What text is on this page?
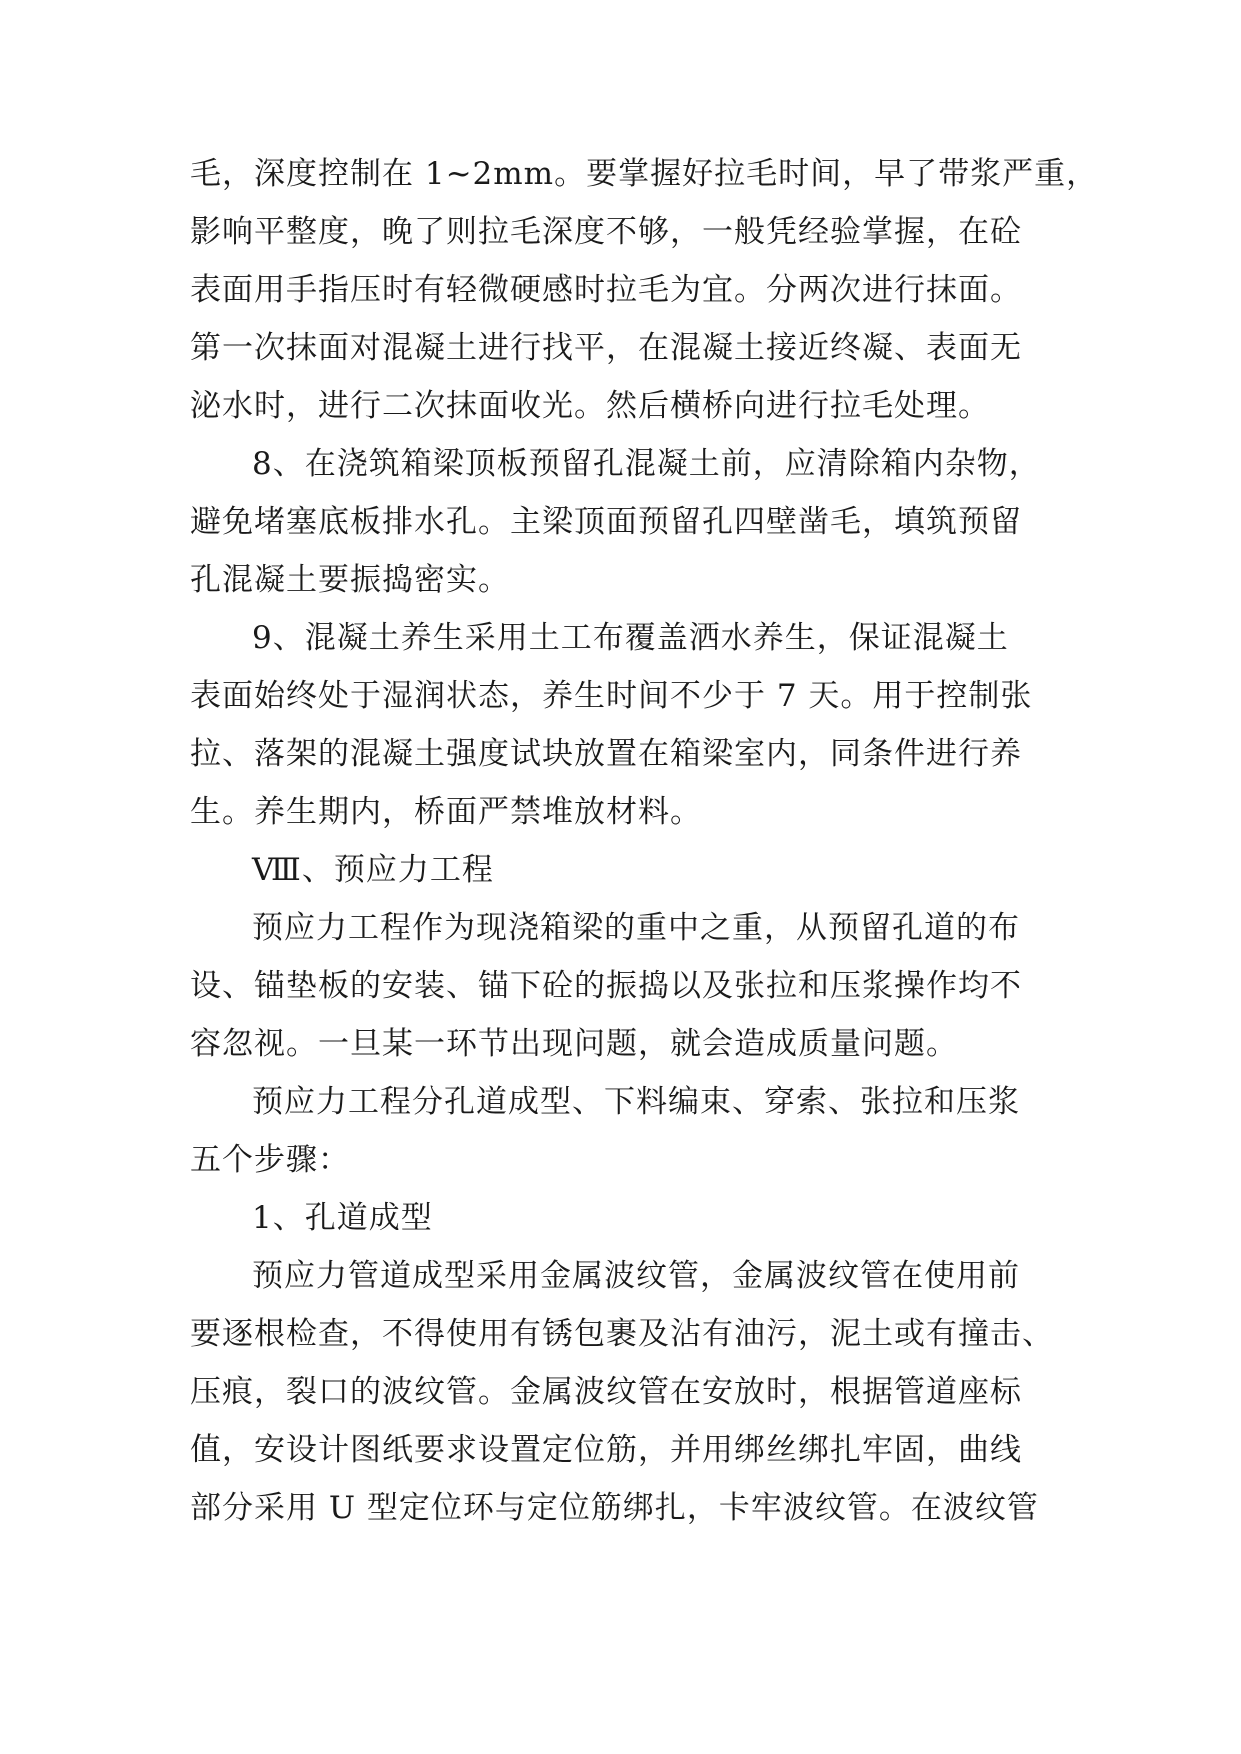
毛，深度控制在 1~2mm。要掌握好拉毛时间，早了带浆严重，
影响平整度，晚了则拉毛深度不够，一般凭经验掌握，在砼
表面用手指压时有轻微硬感时拉毛为宜。分两次进行抹面。
第一次抹面对混凝土进行找平，在混凝土接近终凝、表面无
泌水时，进行二次抹面收光。然后横桥向进行拉毛处理。
8、在浇筑箱梁顶板预留孔混凝土前，应清除箱内杂物，
避免堵塞底板排水孔。主梁顶面预留孔四壁凿毛，填筑预留
孔混凝土要振捣密实。
9、混凝土养生采用土工布覆盖洒水养生，保证混凝土
表面始终处于湿润状态，养生时间不少于 7 天。用于控制张
拉、落架的混凝土强度试块放置在箱梁室内，同条件进行养
生。养生期内，桥面严禁堆放材料。
Ⅷ、预应力工程
预应力工程作为现浇箱梁的重中之重，从预留孔道的布
设、锚垫板的安装、锚下砼的振捣以及张拉和压浆操作均不
容忽视。一旦某一环节出现问题，就会造成质量问题。
预应力工程分孔道成型、下料编束、穿索、张拉和压浆
五个步骤：
1、孔道成型
预应力管道成型采用金属波纹管，金属波纹管在使用前
要逐根检查，不得使用有锈包裹及沾有油污，泥土或有撞击、
压痕，裂口的波纹管。金属波纹管在安放时，根据管道座标
值，安设计图纸要求设置定位筋，并用绑丝绑扎牢固，曲线
部分采用 U 型定位环与定位筋绑扎，卡牢波纹管。在波纹管
